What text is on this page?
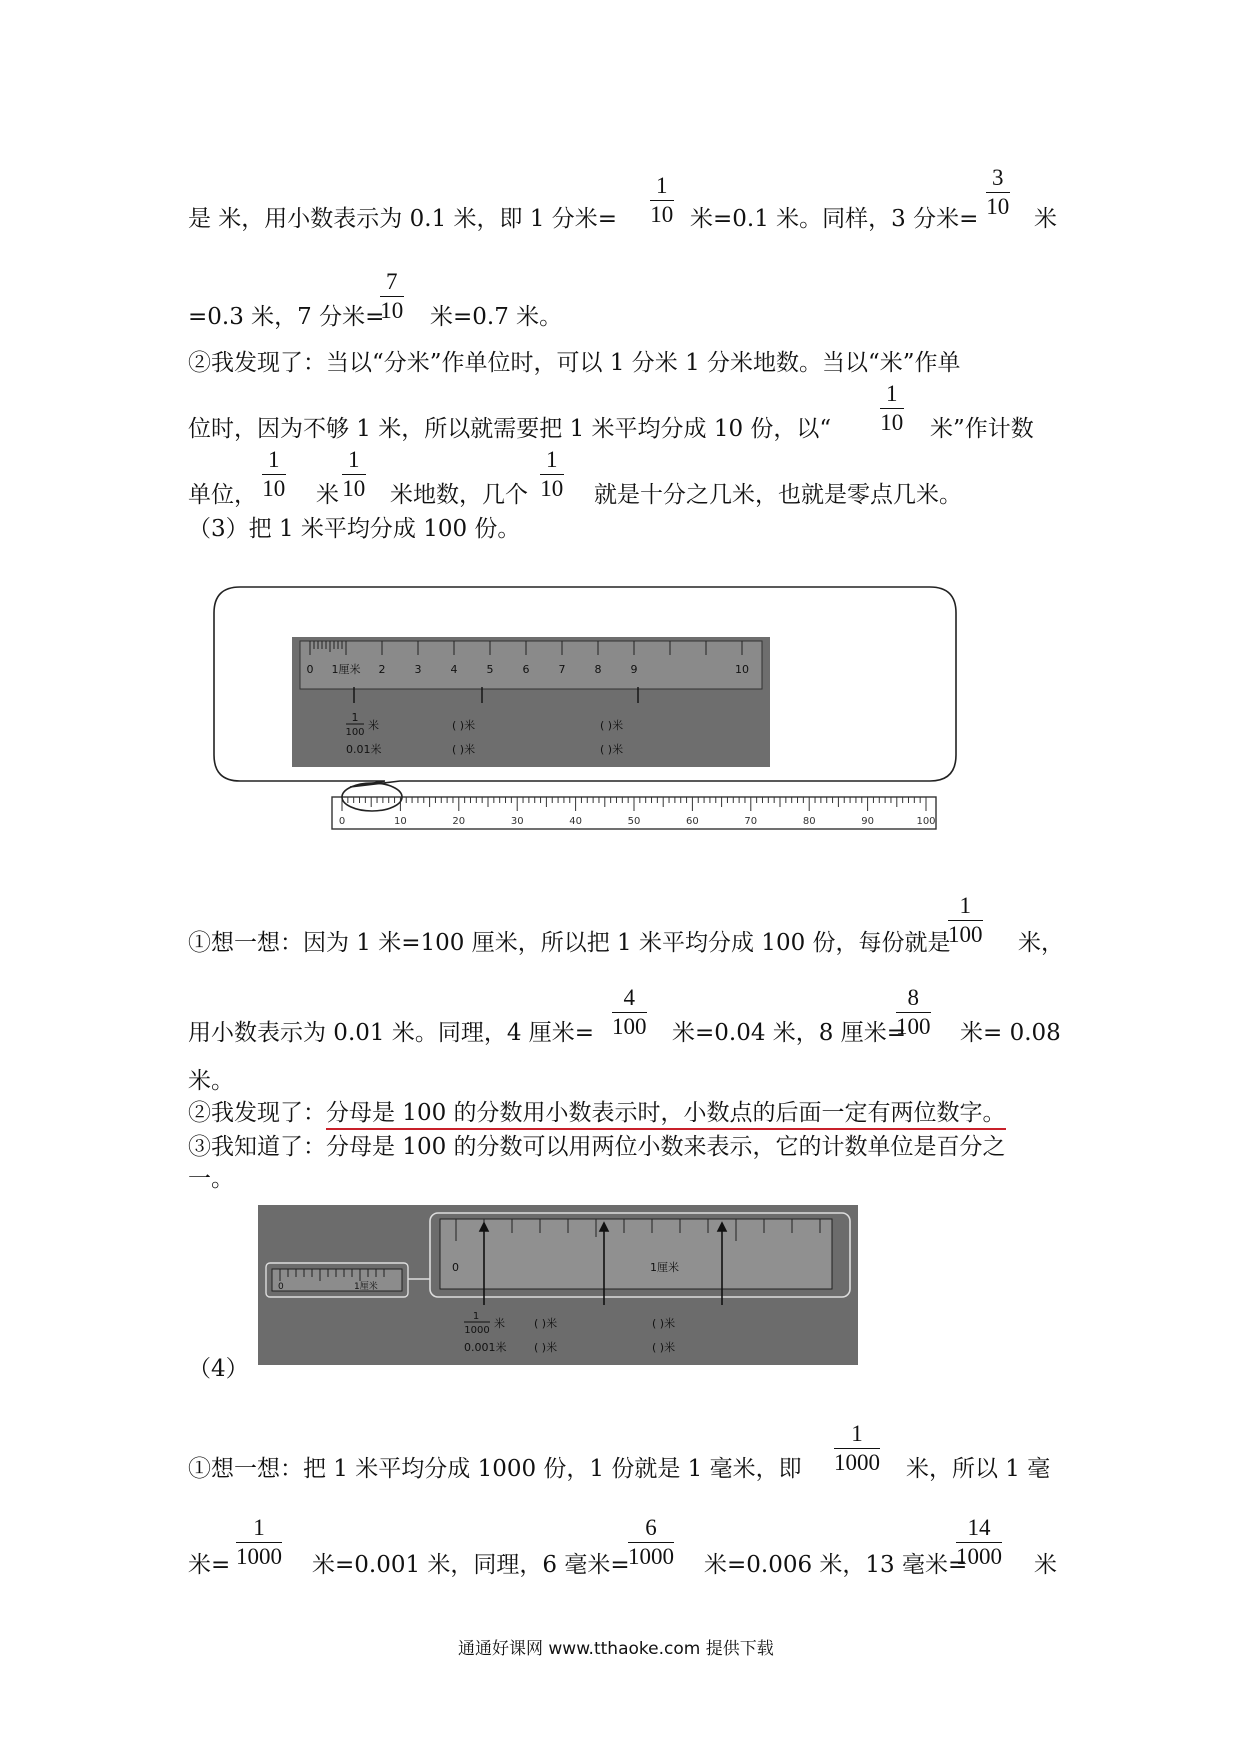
是 米，用小数表示为 0.1 米，即 1 分米=
1
10 米=0.1 米。同样，3 分米=
3
10 米
=0.3 米，7 分米=
7
10 米=0.7 米。
②我发现了：当以“分米”作单位时，可以 1 分米 1 分米地数。当以“米”作单
位时，因为不够 1 米，所以就需要把 1 米平均分成 10 份，以“
1
10 米”作计数
单位，
1
10 米
1
10 米地数，几个
1
10 就是十分之几米，也就是零点几米。
（3）把 1 米平均分成 100 份。
0 1厘米 2	3	4	5	6	7	8	9	10
1
100
米
0.01米
( )米
( )米
( )米
( )米
0	10	20	30	40	50	60	70	80	90	100
①想一想：因为 1 米=100 厘米，所以把 1 米平均分成 100 份，每份就是
1
100 米，
用小数表示为 0.01 米。同理，4 厘米=
4
100 米=0.04 米，8 厘米=
8
100 米= 0.08
米。
②我发现了：分母是 100 的分数用小数表示时，小数点的后面一定有两位数字。
③我知道了：分母是 100 的分数可以用两位小数来表示，它的计数单位是百分之
一。
0	1厘米
0	1厘米
1
1000
米
0.001米
( )米
( )米
( )米
( )米
（4）
①想一想：把 1 米平均分成 1000 份，1 份就是 1 毫米，即
1
1000 米，所以 1 毫
米=
1
1000 米=0.001 米，同理，6 毫米=
6
1000 米=0.006 米，13 毫米=
14
1000 米
通通好课网 www.tthaoke.com 提供下载
